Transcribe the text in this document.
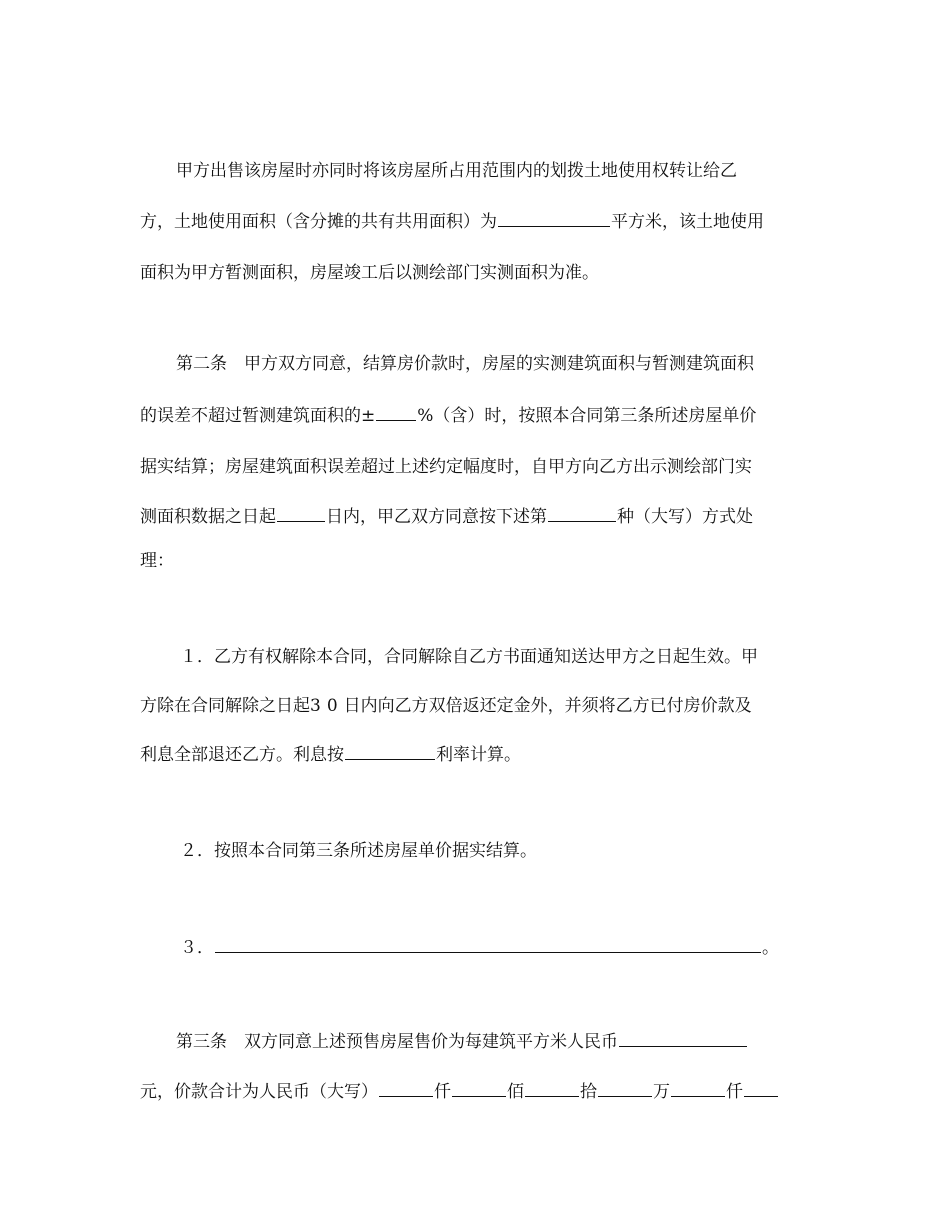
甲方出售该房屋时亦同时将该房屋所占用范围内的划拨土地使用权转让给乙
方，土地使用面积（含分摊的共有共用面积）为	平方米，该土地使用
面积为甲方暂测面积，房屋竣工后以测绘部门实测面积为准。
第二条　甲方双方同意，结算房价款时，房屋的实测建筑面积与暂测建筑面积
的误差不超过暂测建筑面积的± %（含）时，按照本合同第三条所述房屋单价
据实结算；房屋建筑面积误差超过上述约定幅度时，自甲方向乙方出示测绘部门实
测面积数据之日起	日内，甲乙双方同意按下述第	种（大写）方式处
理：
１．乙方有权解除本合同，合同解除自乙方书面通知送达甲方之日起生效。甲
方除在合同解除之日起30日内向乙方双倍返还定金外，并须将乙方已付房价款及
利息全部退还乙方。利息按	利率计算。
２．按照本合同第三条所述房屋单价据实结算。
３．	。
第三条　双方同意上述预售房屋售价为每建筑平方米人民币
元，价款合计为人民币（大写）	仟	佰	拾	万	仟
